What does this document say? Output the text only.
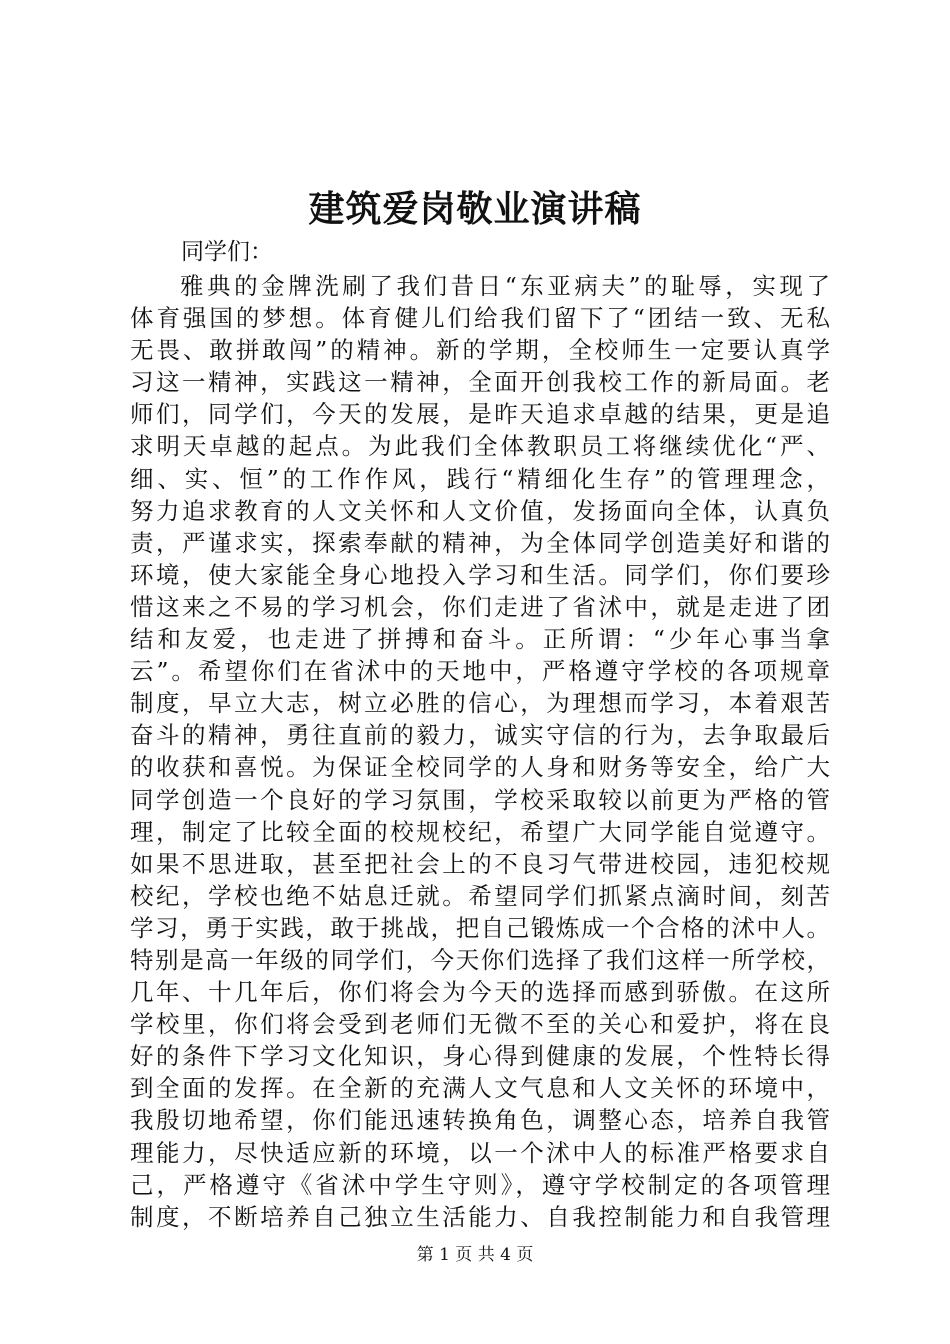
建筑爱岗敬业演讲稿

同学们：

雅典的金牌洗刷了我们昔日“东亚病夫”的耻辱，实现了
体育强国的梦想。体育健儿们给我们留下了“团结一致、无私
无畏、敢拼敢闯”的精神。新的学期，全校师生一定要认真学
习这一精神，实践这一精神，全面开创我校工作的新局面。老
师们，同学们，今天的发展，是昨天追求卓越的结果，更是追
求明天卓越的起点。为此我们全体教职员工将继续优化“严、
细、实、恒”的工作作风，践行“精细化生存”的管理理念，
努力追求教育的人文关怀和人文价值，发扬面向全体，认真负
责，严谨求实，探索奉献的精神，为全体同学创造美好和谐的
环境，使大家能全身心地投入学习和生活。同学们，你们要珍
惜这来之不易的学习机会，你们走进了省沭中，就是走进了团
结和友爱，也走进了拼搏和奋斗。正所谓：“少年心事当拿
云”。希望你们在省沭中的天地中，严格遵守学校的各项规章
制度，早立大志，树立必胜的信心，为理想而学习，本着艰苦
奋斗的精神，勇往直前的毅力，诚实守信的行为，去争取最后
的收获和喜悦。为保证全校同学的人身和财务等安全，给广大
同学创造一个良好的学习氛围，学校采取较以前更为严格的管
理，制定了比较全面的校规校纪，希望广大同学能自觉遵守。
如果不思进取，甚至把社会上的不良习气带进校园，违犯校规
校纪，学校也绝不姑息迁就。希望同学们抓紧点滴时间，刻苦
学习，勇于实践，敢于挑战，把自己锻炼成一个合格的沭中人。
特别是高一年级的同学们，今天你们选择了我们这样一所学校，
几年、十几年后，你们将会为今天的选择而感到骄傲。在这所
学校里，你们将会受到老师们无微不至的关心和爱护，将在良
好的条件下学习文化知识，身心得到健康的发展，个性特长得
到全面的发挥。在全新的充满人文气息和人文关怀的环境中，
我殷切地希望，你们能迅速转换角色，调整心态，培养自我管
理能力，尽快适应新的环境，以一个沭中人的标准严格要求自
己，严格遵守《省沭中学生守则》，遵守学校制定的各项管理
制度，不断培养自己独立生活能力、自我控制能力和自我管理
第 1 页 共 4 页
